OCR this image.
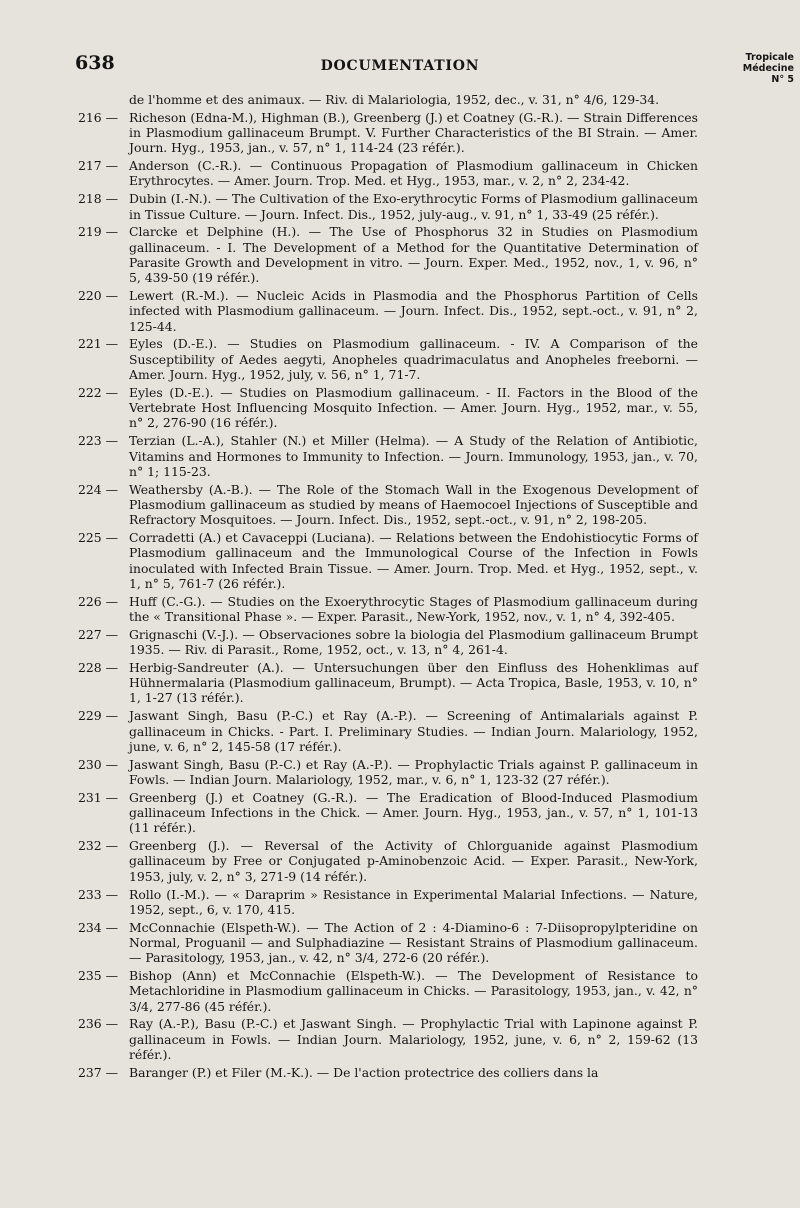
638	DOCUMENTATION
Tropicale
Médecine
N° 5
de l'homme et des animaux. — Riv. di Malariologia, 1952, dec., v. 31, n° 4/6, 129-34.
216 — Richeson (Edna-M.), Highman (B.), Greenberg (J.) et Coatney (G.-R.). — Strain Differences in Plasmodium gallinaceum Brumpt. V. Further Characteristics of the BI Strain. — Amer. Journ. Hyg., 1953, jan., v. 57, n° 1, 114-24 (23 référ.).
217 — Anderson (C.-R.). — Continuous Propagation of Plasmodium gallinaceum in Chicken Erythrocytes. — Amer. Journ. Trop. Med. et Hyg., 1953, mar., v. 2, n° 2, 234-42.
218 — Dubin (I.-N.). — The Cultivation of the Exo-erythrocytic Forms of Plasmodium gallinaceum in Tissue Culture. — Journ. Infect. Dis., 1952, july-aug., v. 91, n° 1, 33-49 (25 référ.).
219 — Clarcke et Delphine (H.). — The Use of Phosphorus 32 in Studies on Plasmodium gallinaceum. - I. The Development of a Method for the Quantitative Determination of Parasite Growth and Development in vitro. — Journ. Exper. Med., 1952, nov., 1, v. 96, n° 5, 439-50 (19 référ.).
220 — Lewert (R.-M.). — Nucleic Acids in Plasmodia and the Phosphorus Partition of Cells infected with Plasmodium gallinaceum. — Journ. Infect. Dis., 1952, sept.-oct., v. 91, n° 2, 125-44.
221 — Eyles (D.-E.). — Studies on Plasmodium gallinaceum. - IV. A Comparison of the Susceptibility of Aedes aegyti, Anopheles quadrimaculatus and Anopheles freeborni. — Amer. Journ. Hyg., 1952, july, v. 56, n° 1, 71-7.
222 — Eyles (D.-E.). — Studies on Plasmodium gallinaceum. - II. Factors in the Blood of the Vertebrate Host Influencing Mosquito Infection. — Amer. Journ. Hyg., 1952, mar., v. 55, n° 2, 276-90 (16 référ.).
223 — Terzian (L.-A.), Stahler (N.) et Miller (Helma). — A Study of the Relation of Antibiotic, Vitamins and Hormones to Immunity to Infection. — Journ. Immunology, 1953, jan., v. 70, n° 1; 115-23.
224 — Weathersby (A.-B.). — The Role of the Stomach Wall in the Exogenous Development of Plasmodium gallinaceum as studied by means of Haemocoel Injections of Susceptible and Refractory Mosquitoes. — Journ. Infect. Dis., 1952, sept.-oct., v. 91, n° 2, 198-205.
225 — Corradetti (A.) et Cavaceppi (Luciana). — Relations between the Endohistiocytic Forms of Plasmodium gallinaceum and the Immunological Course of the Infection in Fowls inoculated with Infected Brain Tissue. — Amer. Journ. Trop. Med. et Hyg., 1952, sept., v. 1, n° 5, 761-7 (26 référ.).
226 — Huff (C.-G.). — Studies on the Exoerythrocytic Stages of Plasmodium gallinaceum during the « Transitional Phase ». — Exper. Parasit., New-York, 1952, nov., v. 1, n° 4, 392-405.
227 — Grignaschi (V.-J.). — Observaciones sobre la biologia del Plasmodium gallinaceum Brumpt 1935. — Riv. di Parasit., Rome, 1952, oct., v. 13, n° 4, 261-4.
228 — Herbig-Sandreuter (A.). — Untersuchungen über den Einfluss des Hohenklimas auf Hühnermalaria (Plasmodium gallinaceum, Brumpt). — Acta Tropica, Basle, 1953, v. 10, n° 1, 1-27 (13 référ.).
229 — Jaswant Singh, Basu (P.-C.) et Ray (A.-P.). — Screening of Antimalarials against P. gallinaceum in Chicks. - Part. I. Preliminary Studies. — Indian Journ. Malariology, 1952, june, v. 6, n° 2, 145-58 (17 référ.).
230 — Jaswant Singh, Basu (P.-C.) et Ray (A.-P.). — Prophylactic Trials against P. gallinaceum in Fowls. — Indian Journ. Malariology, 1952, mar., v. 6, n° 1, 123-32 (27 référ.).
231 — Greenberg (J.) et Coatney (G.-R.). — The Eradication of Blood-Induced Plasmodium gallinaceum Infections in the Chick. — Amer. Journ. Hyg., 1953, jan., v. 57, n° 1, 101-13 (11 référ.).
232 — Greenberg (J.). — Reversal of the Activity of Chlorguanide against Plasmodium gallinaceum by Free or Conjugated p-Aminobenzoic Acid. — Exper. Parasit., New-York, 1953, july, v. 2, n° 3, 271-9 (14 référ.).
233 — Rollo (I.-M.). — « Daraprim » Resistance in Experimental Malarial Infections. — Nature, 1952, sept., 6, v. 170, 415.
234 — McConnachie (Elspeth-W.). — The Action of 2 : 4-Diamino-6 : 7-Diisopropylpteridine on Normal, Proguanil — and Sulphadiazine — Resistant Strains of Plasmodium gallinaceum. — Parasitology, 1953, jan., v. 42, n° 3/4, 272-6 (20 référ.).
235 — Bishop (Ann) et McConnachie (Elspeth-W.). — The Development of Resistance to Metachloridine in Plasmodium gallinaceum in Chicks. — Parasitology, 1953, jan., v. 42, n° 3/4, 277-86 (45 référ.).
236 — Ray (A.-P.), Basu (P.-C.) et Jaswant Singh. — Prophylactic Trial with Lapinone against P. gallinaceum in Fowls. — Indian Journ. Malariology, 1952, june, v. 6, n° 2, 159-62 (13 référ.).
237 — Baranger (P.) et Filer (M.-K.). — De l'action protectrice des colliers dans la
